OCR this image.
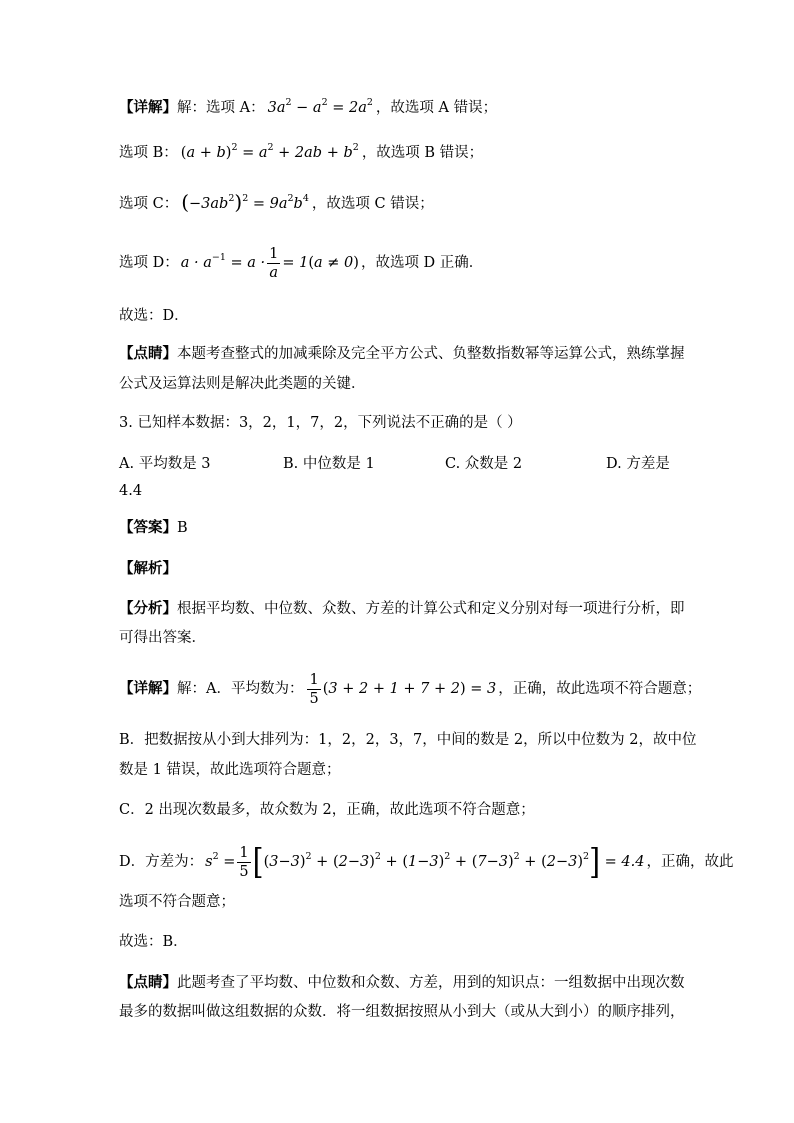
【详解】解：选项 A： $3a^2 - a^2 = 2a^2$ ，故选项 A 错误；
选项 B： $(a + b)^2 = a^2 + 2ab + b^2$ ，故选项 B 错误；
选项 C： $(-3ab^2)^2 = 9a^2b^4$ ，故选项 C 错误；
选项 D： $a \cdot a^{-1} = a \cdot \frac{1}{a} = 1(a \ne 0)$ ，故选项 D 正确．
故选：D．
【点睛】本题考查整式的加减乘除及完全平方公式、负整数指数幂等运算公式，熟练掌握
公式及运算法则是解决此类题的关键．
3. 已知样本数据：3，2，1，7，2，下列说法不正确的是（ ）
A. 平均数是 3	B. 中位数是 1	C. 众数是 2	D. 方差是
4.4
【答案】B
【解析】
【分析】根据平均数、中位数、众数、方差的计算公式和定义分别对每一项进行分析，即
可得出答案．
【详解】解：A．平均数为： $\frac{1}{5} (3 + 2 + 1 + 7 + 2) = 3$ ，正确，故此选项不符合题意；
B．把数据按从小到大排列为：1，2，2，3，7，中间的数是 2，所以中位数为 2，故中位
数是 1 错误，故此选项符合题意；
C．2 出现次数最多，故众数为 2，正确，故此选项不符合题意；
D．方差为： $s^2 = \frac{1}{5} [(3-3)^2 + (2-3)^2 + (1-3)^2 + (7-3)^2 + (2-3)^2] = 4.4$ ，正确，故此
选项不符合题意；
故选：B．
【点睛】此题考查了平均数、中位数和众数、方差，用到的知识点：一组数据中出现次数
最多的数据叫做这组数据的众数．将一组数据按照从小到大（或从大到小）的顺序排列，
